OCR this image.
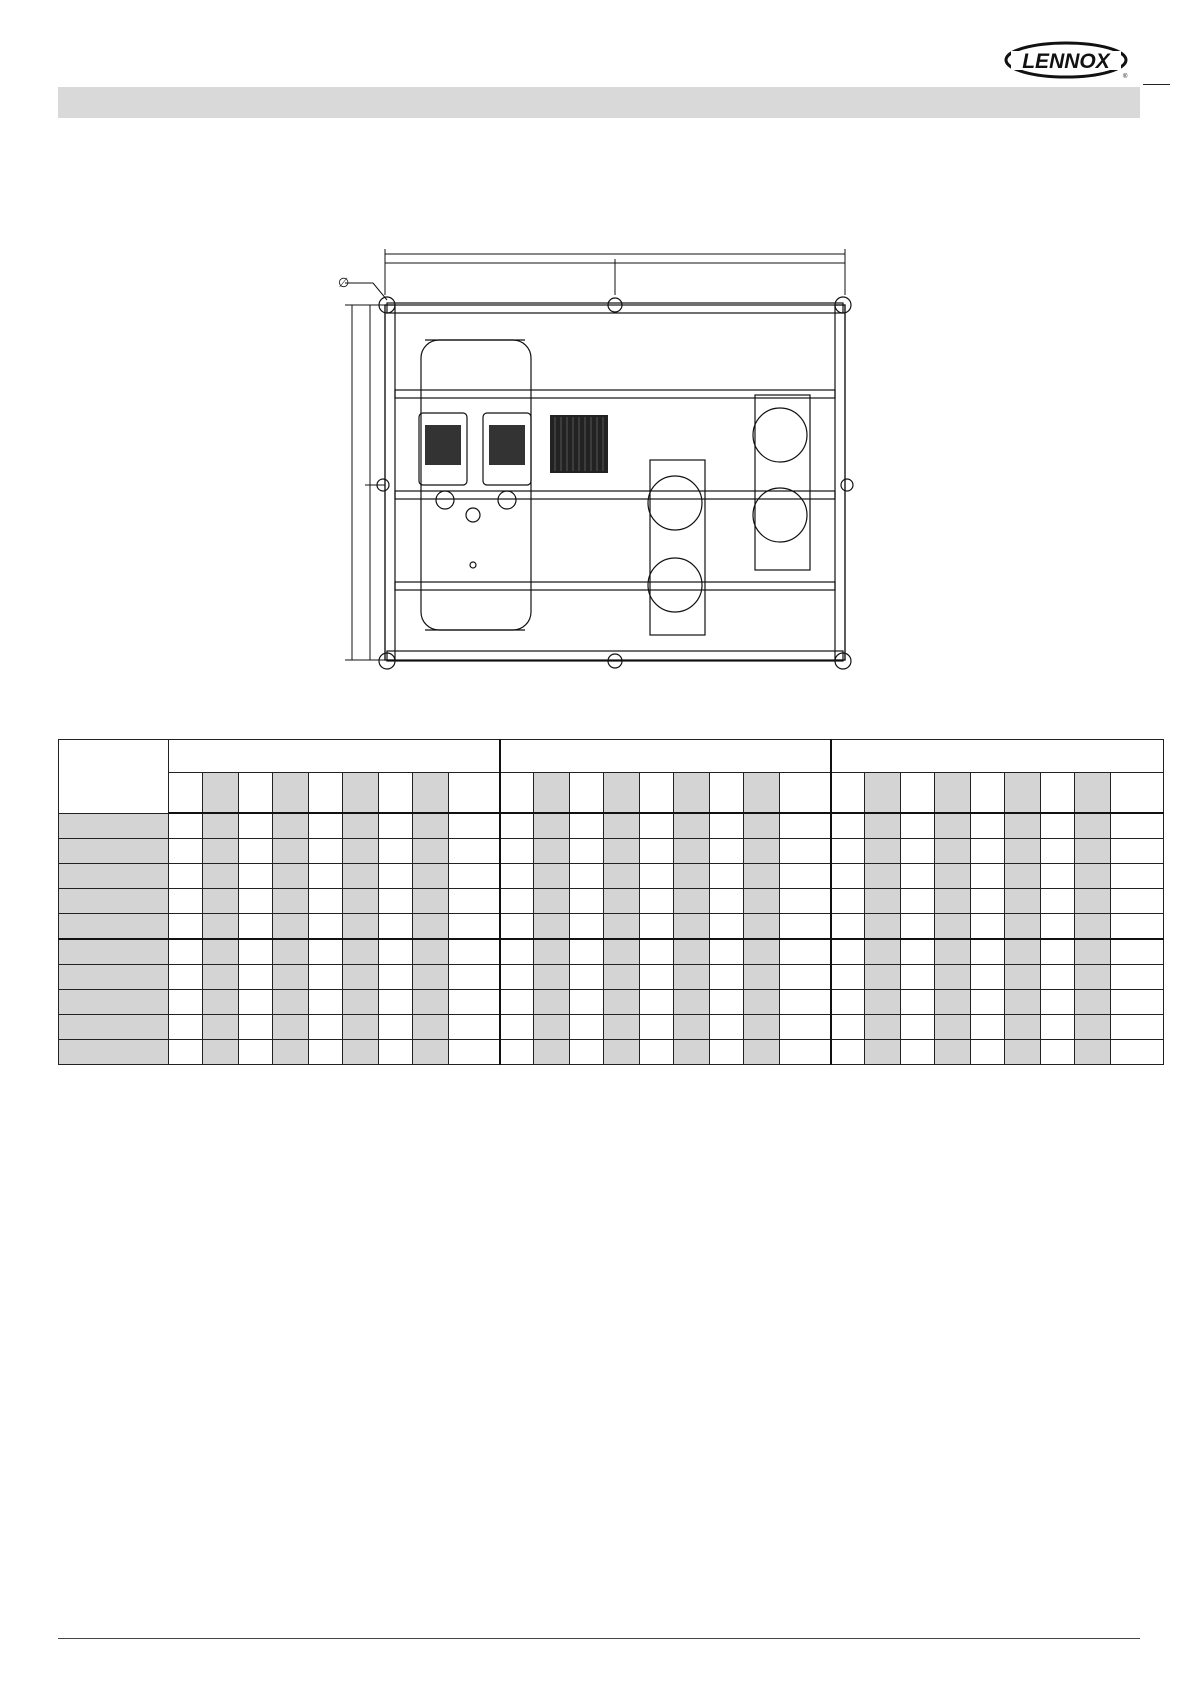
LENNOX
®
∅
